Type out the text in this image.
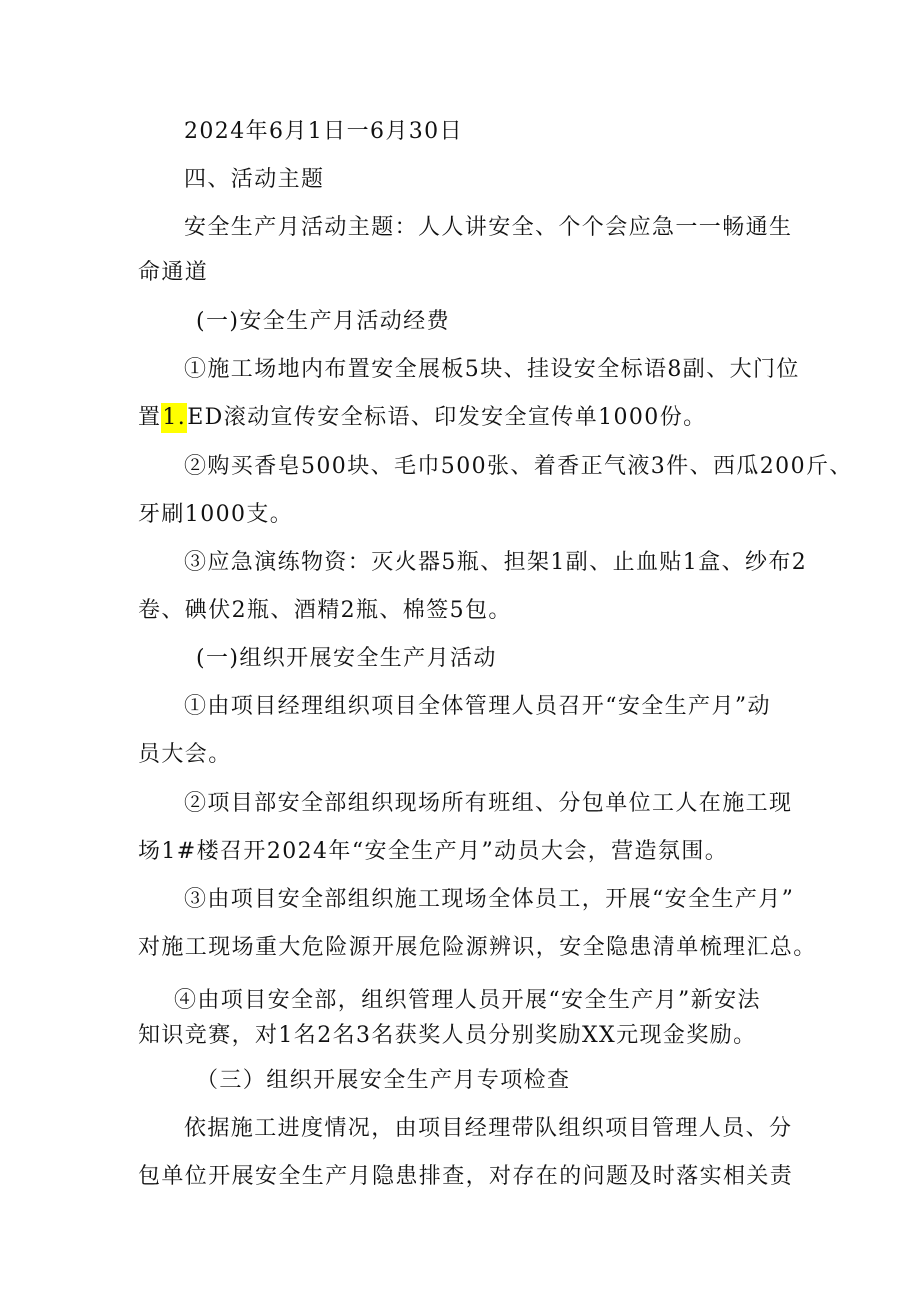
2024年6月1日一6月30日
四、活动主题
安全生产月活动主题：人人讲安全、个个会应急一一畅通生
命通道
(一)安全生产月活动经费
①施工场地内布置安全展板5块、挂设安全标语8副、大门位
置1.ED滚动宣传安全标语、印发安全宣传单1000份。
②购买香皂500块、毛巾500张、着香正气液3件、西瓜200斤、
牙刷1000支。
③应急演练物资：灭火器5瓶、担架1副、止血贴1盒、纱布2
卷、碘伏2瓶、酒精2瓶、棉签5包。
(一)组织开展安全生产月活动
①由项目经理组织项目全体管理人员召开“安全生产月”动
员大会。
②项目部安全部组织现场所有班组、分包单位工人在施工现
场1#楼召开2024年“安全生产月”动员大会，营造氛围。
③由项目安全部组织施工现场全体员工，开展“安全生产月”
对施工现场重大危险源开展危险源辨识，安全隐患清单梳理汇总。
④由项目安全部，组织管理人员开展“安全生产月”新安法
知识竞赛，对1名2名3名获奖人员分别奖励XX元现金奖励。
（三）组织开展安全生产月专项检查
依据施工进度情况，由项目经理带队组织项目管理人员、分
包单位开展安全生产月隐患排查，对存在的问题及时落实相关责
